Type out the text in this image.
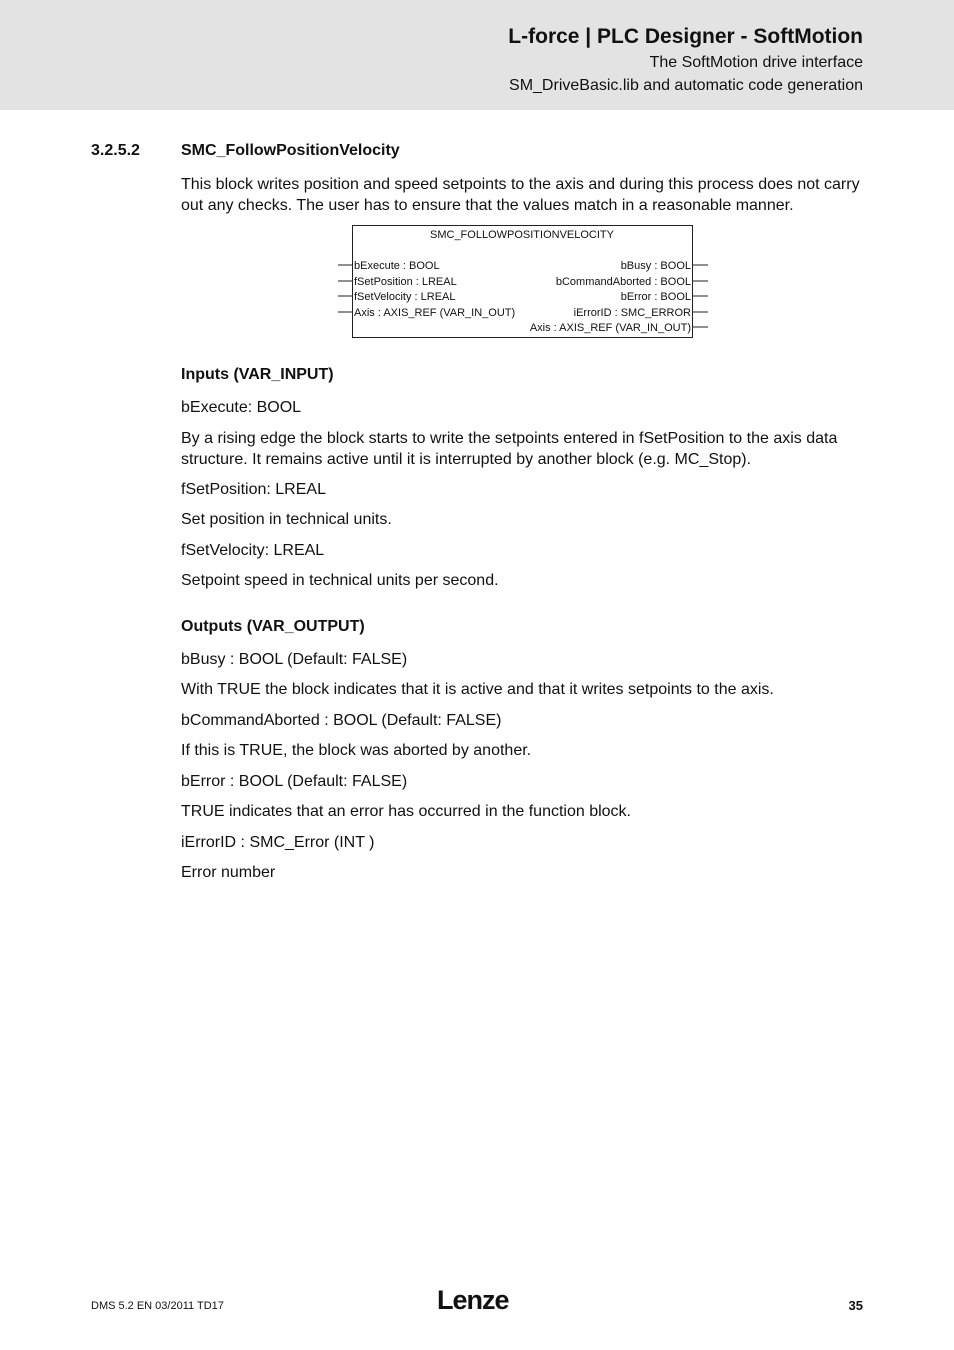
L-force | PLC Designer - SoftMotion
The SoftMotion drive interface
SM_DriveBasic.lib and automatic code generation
3.2.5.2	SMC_FollowPositionVelocity

This block writes position and speed setpoints to the axis and during this process does not carry out any checks. The user has to ensure that the values match in a reasonable manner.

SMC_FOLLOWPOSITIONVELOCITY
bExecute : BOOL
fSetPosition : LREAL
fSetVelocity : LREAL
Axis : AXIS_REF (VAR_IN_OUT)
bBusy : BOOL
bCommandAborted : BOOL
bError : BOOL
iErrorID : SMC_ERROR
Axis : AXIS_REF (VAR_IN_OUT)
Inputs (VAR_INPUT)

bExecute: BOOL

By a rising edge the block starts to write the setpoints entered in fSetPosition to the axis data structure. It remains active until it is interrupted by another block (e.g. MC_Stop).

fSetPosition: LREAL

Set position in technical units.

fSetVelocity: LREAL

Setpoint speed in technical units per second.

Outputs (VAR_OUTPUT)

bBusy : BOOL (Default: FALSE)

With TRUE the block indicates that it is active and that it writes setpoints to the axis.

bCommandAborted : BOOL (Default: FALSE)

If this is TRUE, the block was aborted by another.

bError : BOOL (Default: FALSE)

TRUE indicates that an error has occurred in the function block.

iErrorID : SMC_Error (INT )

Error number

DMS 5.2 EN 03/2011 TD17	Lenze	35
